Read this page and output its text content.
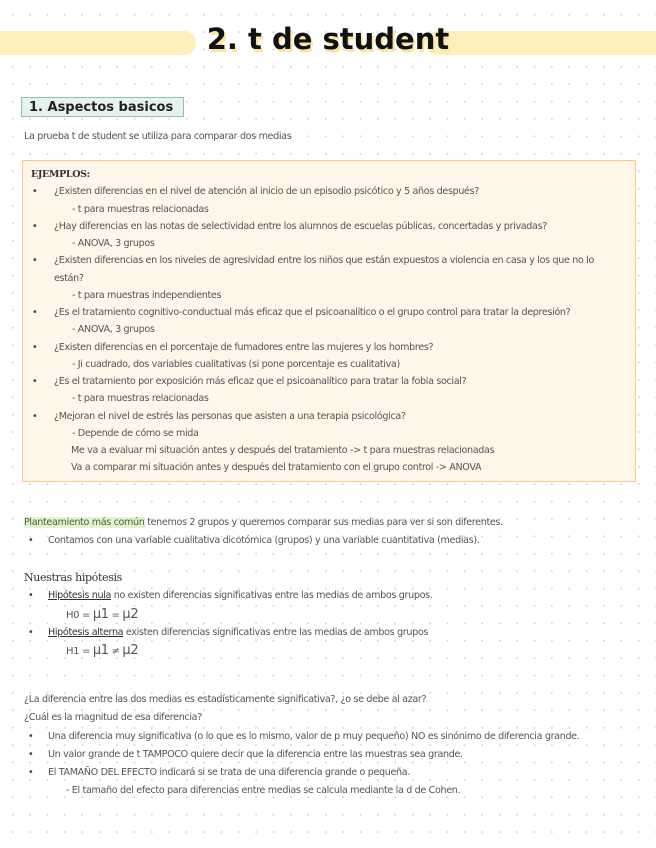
2. t de student
1. Aspectos basicos
La prueba t de student se utiliza para comparar dos medias
EJEMPLOS:
• ¿Existen diferencias en el nivel de atención al inicio de un episodio psicótico y 5 años después?
- t para muestras relacionadas
• ¿Hay diferencias en las notas de selectividad entre los alumnos de escuelas públicas, concertadas y privadas?
- ANOVA, 3 grupos
• ¿Existen diferencias en los niveles de agresividad entre los niños que están expuestos a violencia en casa y los que no lo
están?
- t para muestras independientes
• ¿Es el tratamiento cognitivo-conductual más eficaz que el psicoanalítico o el grupo control para tratar la depresión?
- ANOVA, 3 grupos
• ¿Existen diferencias en el porcentaje de fumadores entre las mujeres y los hombres?
- Ji cuadrado, dos variables cualitativas (si pone porcentaje es cualitativa)
• ¿Es el tratamiento por exposición más eficaz que el psicoanalítico para tratar la fobia social?
- t para muestras relacionadas
• ¿Mejoran el nivel de estrés las personas que asisten a una terapia psicológica?
- Depende de cómo se mida
Me va a evaluar mi situación antes y después del tratamiento -> t para muestras relacionadas
Va a comparar mi situación antes y después del tratamiento con el grupo control -> ANOVA
Planteamiento más común tenemos 2 grupos y queremos comparar sus medias para ver si son diferentes.
• Contamos con una variable cualitativa dicotómica (grupos) y una variable cuantitativa (medias).
Nuestras hipótesis
• Hipótesis nula no existen diferencias significativas entre las medias de ambos grupos.
H0 = μ1 = μ2
• Hipótesis alterna existen diferencias significativas entre las medias de ambos grupos
H1 = μ1 ≠ μ2
¿La diferencia entre las dos medias es estadísticamente significativa?, ¿o se debe al azar?
¿Cuál es la magnitud de esa diferencia?
• Una diferencia muy significativa (o lo que es lo mismo, valor de p muy pequeño) NO es sinónimo de diferencia grande.
• Un valor grande de t TAMPOCO quiere decir que la diferencia entre las muestras sea grande.
• El TAMAÑO DEL EFECTO indicará si se trata de una diferencia grande o pequeña.
- El tamaño del efecto para diferencias entre medias se calcula mediante la d de Cohen.
